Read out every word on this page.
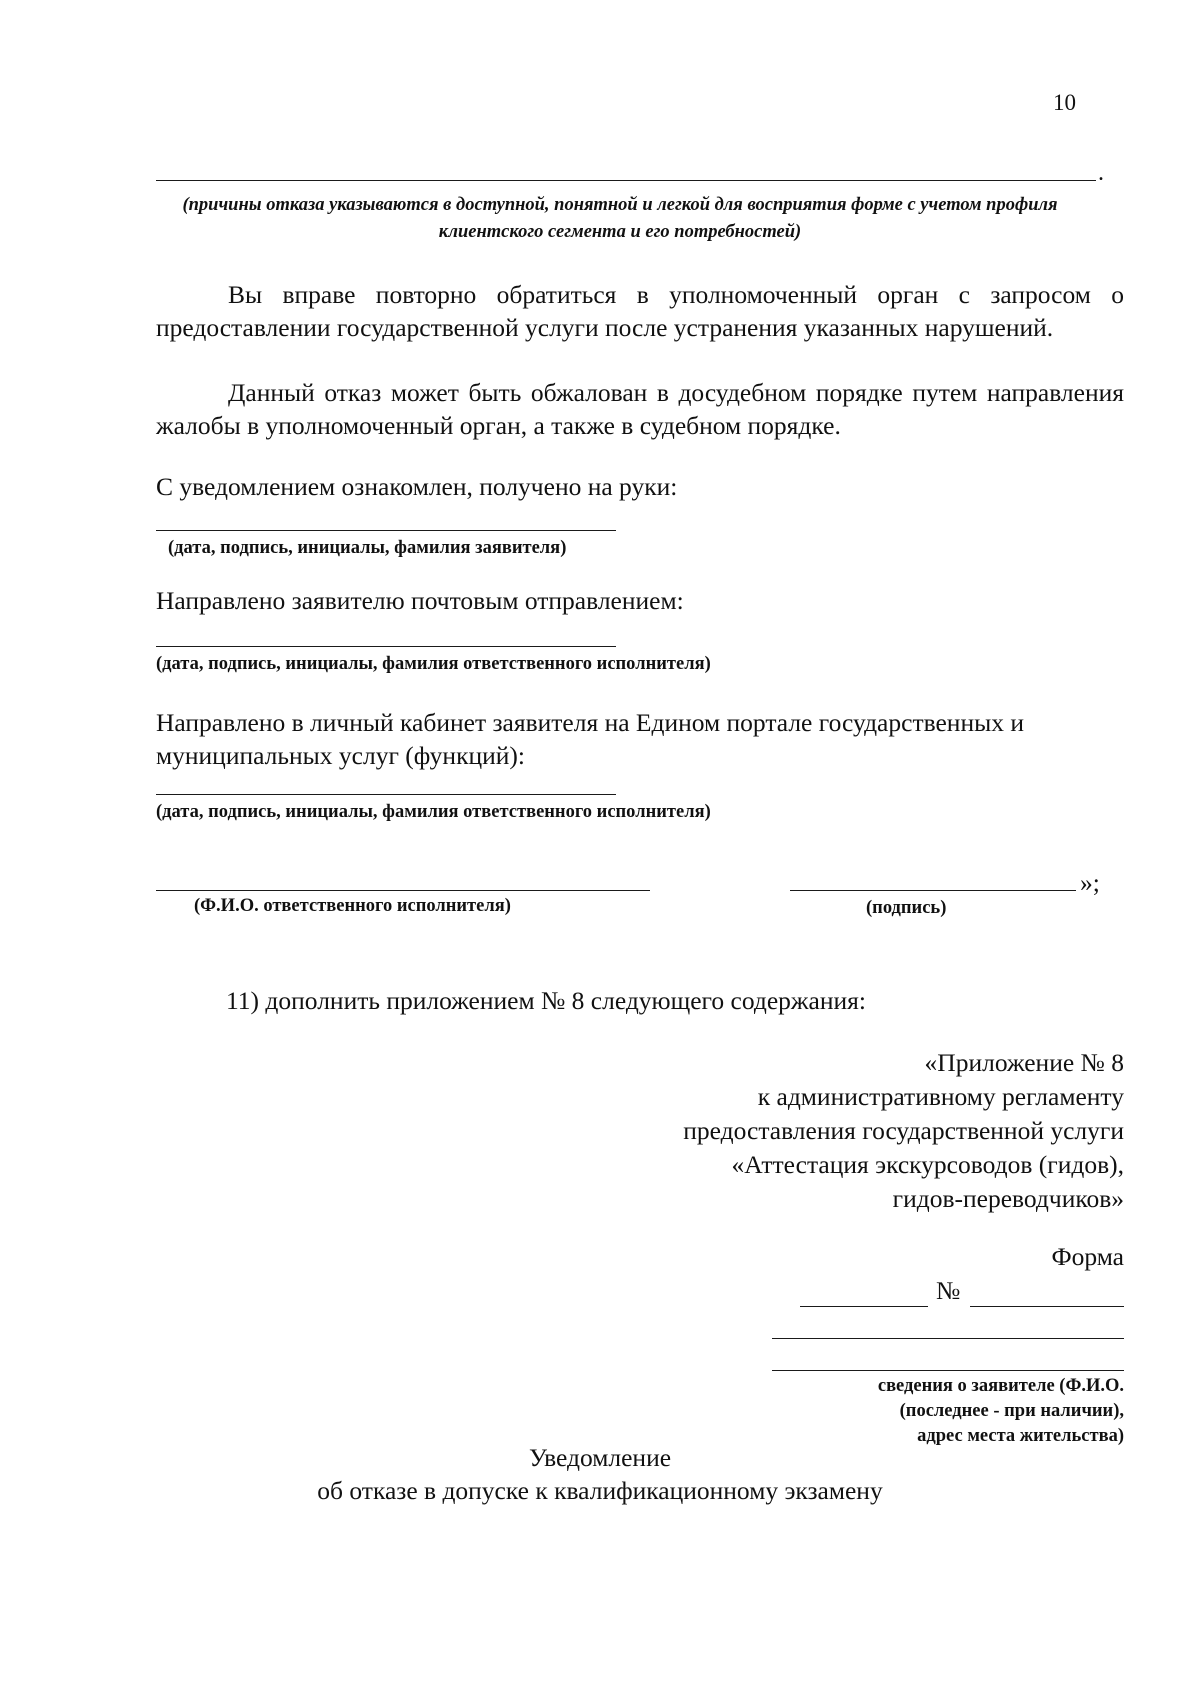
10
.
(причины отказа указываются в доступной, понятной и легкой для восприятия форме с учетом профиля клиентского сегмента и его потребностей)
Вы вправе повторно обратиться в уполномоченный орган с запросом о предоставлении государственной услуги после устранения указанных нарушений.
Данный отказ может быть обжалован в досудебном порядке путем направления жалобы в уполномоченный орган, а также в судебном порядке.
С уведомлением ознакомлен, получено на руки:
(дата, подпись, инициалы, фамилия заявителя)
Направлено заявителю почтовым отправлением:
(дата, подпись, инициалы, фамилия ответственного исполнителя)
Направлено в личный кабинет заявителя на Едином портале государственных и муниципальных услуг (функций):
(дата, подпись, инициалы, фамилия ответственного исполнителя)
(Ф.И.О. ответственного исполнителя)	(подпись)
»;
11) дополнить приложением № 8 следующего содержания:
«Приложение № 8
к административному регламенту
предоставления государственной услуги
«Аттестация экскурсоводов (гидов),
гидов-переводчиков»
Форма
№
сведения о заявителе (Ф.И.О.
(последнее - при наличии),
адрес места жительства)
Уведомление
об отказе в допуске к квалификационному экзамену
